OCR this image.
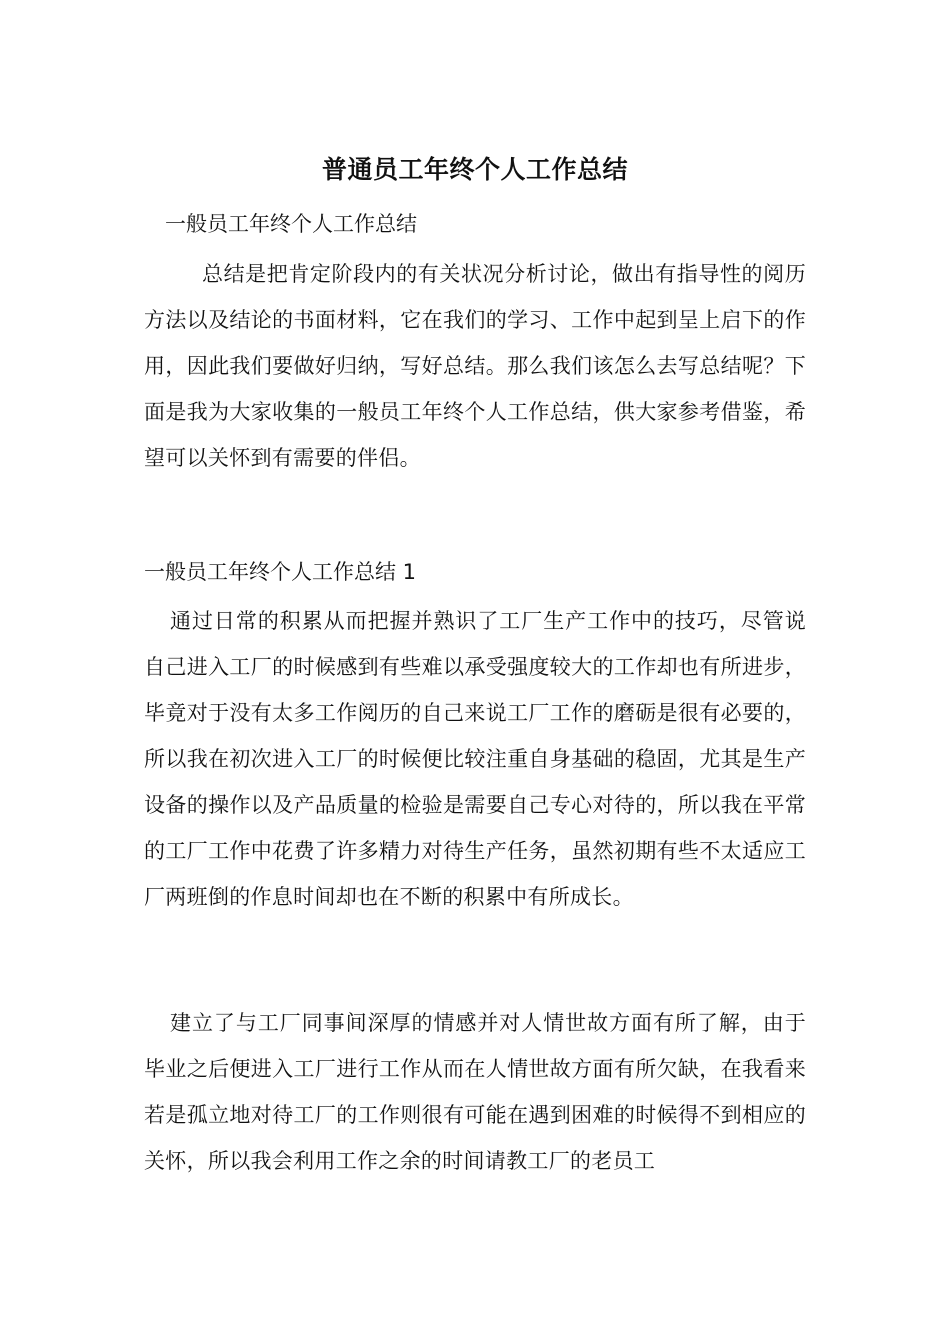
普通员工年终个人工作总结
一般员工年终个人工作总结

总结是把肯定阶段内的有关状况分析讨论，做出有指导性的阅历方法以及结论的书面材料，它在我们的学习、工作中起到呈上启下的作用，因此我们要做好归纳，写好总结。那么我们该怎么去写总结呢？下面是我为大家收集的一般员工年终个人工作总结，供大家参考借鉴，希望可以关怀到有需要的伴侣。

一般员工年终个人工作总结 1

通过日常的积累从而把握并熟识了工厂生产工作中的技巧，尽管说自己进入工厂的时候感到有些难以承受强度较大的工作却也有所进步，毕竟对于没有太多工作阅历的自己来说工厂工作的磨砺是很有必要的，所以我在初次进入工厂的时候便比较注重自身基础的稳固，尤其是生产设备的操作以及产品质量的检验是需要自己专心对待的，所以我在平常的工厂工作中花费了许多精力对待生产任务，虽然初期有些不太适应工厂两班倒的作息时间却也在不断的积累中有所成长。

建立了与工厂同事间深厚的情感并对人情世故方面有所了解，由于毕业之后便进入工厂进行工作从而在人情世故方面有所欠缺，在我看来若是孤立地对待工厂的工作则很有可能在遇到困难的时候得不到相应的关怀，所以我会利用工作之余的时间请教工厂的老员工
